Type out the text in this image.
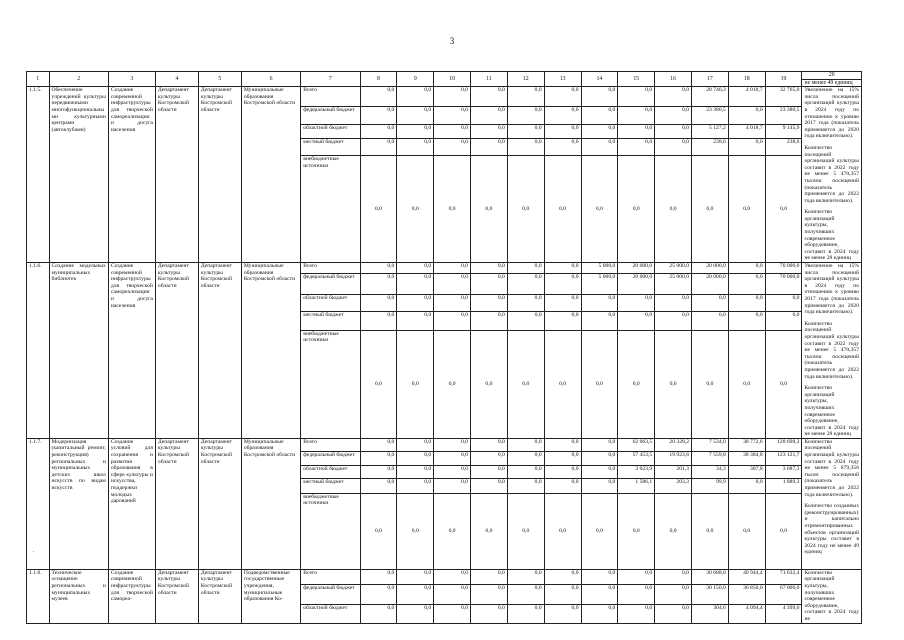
3
1	2	3	4	5	6	7	8	9	10	11	12	13	14	15	16	17	18	19	20
не менее 49 единиц

1.1.5.	Обеспечение учреждений культуры передвижными многофункциональными культурными центрами (автоклубами)	Создание современной инфраструктуры для творческой самореализации и досуга населения	Департамент культуры Костромской области	Департамент культуры Костромской области	Муниципальные образования Костромской области	Всего	0,0	0,0	0,0	0,0	0,0	0,0	0,0	0,0	0,0	28 746,3	4 018,7	32 765,0	Увеличение на 15% числа посещений организаций культуры в 2024 году по отношению к уровню 2017 года (показатель применяется до 2020 года включительно).
Количество посещений организаций культуры составит в 2022 году не менее 5 470,357 тысячи посещений (показатель применяется до 2022 года включительно).
Количество организаций культуры, получивших современное оборудование, составит в 2024 году не менее 28 единиц

						федеральный бюджет	0,0	0,0	0,0	0,0	0,0	0,0	0,0	0,0	0,0	23 380,5	0,0	23 380,5	
						областной бюджет	0,0	0,0	0,0	0,0	0,0	0,0	0,0	0,0	0,0	5 127,2	4 018,7	9 145,9	
						местный бюджет	0,0	0,0	0,0	0,0	0,0	0,0	0,0	0,0	0,0	238,6	0,0	238,6	
						внебюджетные источники	0,0	0,0	0,0	0,0	0,0	0,0	0,0	0,0	0,0	0,0	0,0	0,0	
1.1.6.	Создание модельных муниципальных библиотек	Создание современной инфраструктуры для творческой самореализации и досуга населения	Департамент культуры Костромской области	Департамент культуры Костромской области	Муниципальные образования Костромской области	Всего	0,0	0,0	0,0	0,0	0,0	0,0	5 000,0	20 000,0	25 000,0	20 000,0	0,0	70 000,0	Увеличение на 15% числа посещений организаций культуры в 2024 году по отношению к уровню 2017 года (показатель применяется до 2020 года включительно).
Количество посещений организаций культуры составит в 2022 году не менее 5 470,357 тысячи посещений (показатель применяется до 2022 года включительно).
Количество организаций культуры, получивших современное оборудование, составит в 2024 году не менее 28 единиц

						федеральный бюджет	0,0	0,0	0,0	0,0	0,0	0,0	5 000,0	20 000,0	25 000,0	20 000,0	0,0	70 000,0	
						областной бюджет	0,0	0,0	0,0	0,0	0,0	0,0	0,0	0,0	0,0	0,0	0,0	0,0	
						местный бюджет	0,0	0,0	0,0	0,0	0,0	0,0	0,0	0,0	0,0	0,0	0,0	0,0	
						внебюджетные источники	0,0	0,0	0,0	0,0	0,0	0,0	0,0	0,0	0,0	0,0	0,0	0,0	
1.1.7.	Модернизация (капитальный ремонт, реконструкция) региональных и муниципальных детских школ искусств по видам искусств	Создание условий для сохранения и развития образования в сфере культуры и искусства, поддержки молодых дарований	Департамент культуры Костромской области	Департамент культуры Костромской области	Муниципальные образования Костромской области	Всего	0,0	0,0	0,0	0,0	0,0	0,0	0,0	62 063,5	20 328,2	7 534,0	38 772,6	128 698,3	Количество посещений организаций культуры составит в 2024 году не менее 5 879,356 тысяч посещений (показатель применяется до 2022 года включительно).
Количество созданных (реконструированных) и капитально отремонтированных объектов организаций культуры составит в 2024 году не менее 49 единиц

						федеральный бюджет	0,0	0,0	0,0	0,0	0,0	0,0	0,0	57 453,5	19 923,6	7 559,8	38 384,8	123 121,7	
						областной бюджет	0,0	0,0	0,0	0,0	0,0	0,0	0,0	3 023,9	201,3	34,3	387,8	3 687,3	
						местный бюджет	0,0	0,0	0,0	0,0	0,0	0,0	0,0	1 586,1	203,3	99,9	0,0	1 889,3	
						внебюджетные источники	0,0	0,0	0,0	0,0	0,0	0,0	0,0	0,0	0,0	0,0	0,0	0,0	
1.1.8.	Техническое оснащение региональных и муниципальных музеев	Создание современной инфраструктуры для творческой самореа-	Департамент культуры Костромской области	Департамент культуры Костромской области	Подведомственные государственные учреждения, муниципальные образования Ко-	Всего	0,0	0,0	0,0	0,0	0,0	0,0	0,0	0,0	0,0	30 688,0	40 944,4	71 632,4	Количество организаций культуры, получивших современное оборудование, составит в 2024 году не

						федеральный бюджет	0,0	0,0	0,0	0,0	0,0	0,0	0,0	0,0	0,0	30 150,0	36 850,0	67 000,0	
						областной бюджет	0,0	0,0	0,0	0,0	0,0	0,0	0,0	0,0	0,0	304,6	4 094,4	4 399,0	
.
